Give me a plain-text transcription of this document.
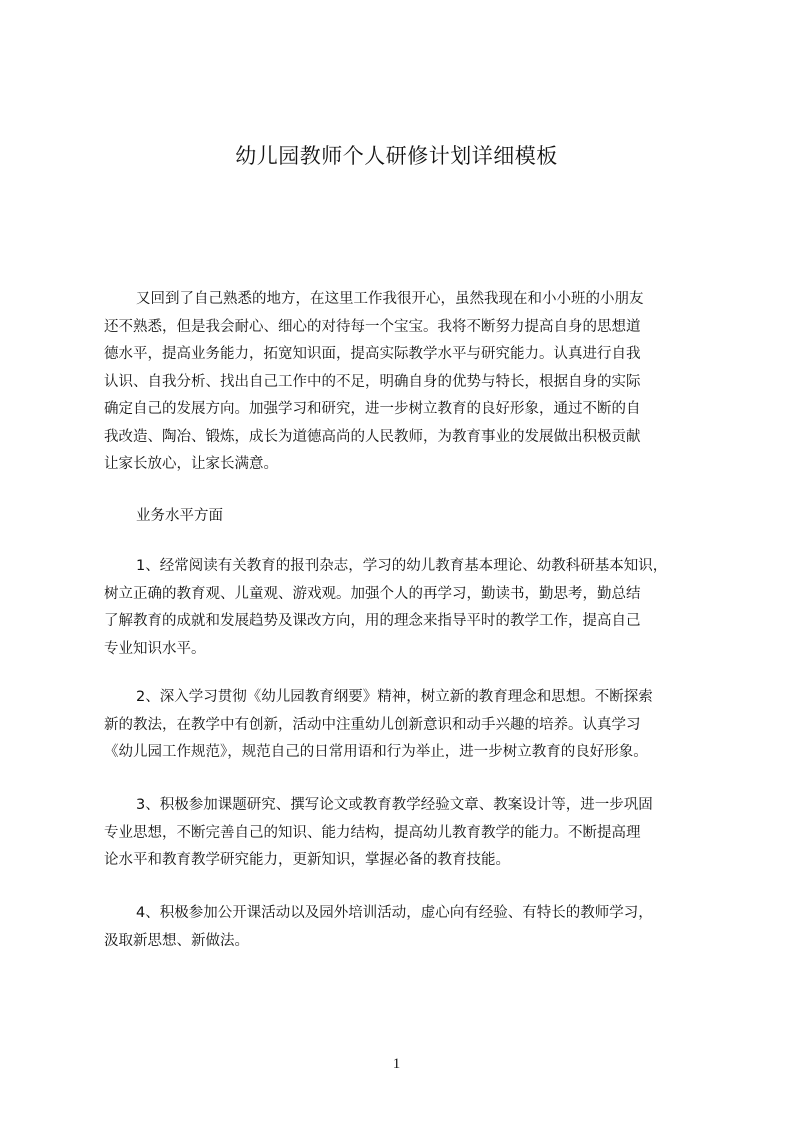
幼儿园教师个人研修计划详细模板
又回到了自己熟悉的地方，在这里工作我很开心，虽然我现在和小小班的小朋友
还不熟悉，但是我会耐心、细心的对待每一个宝宝。我将不断努力提高自身的思想道
德水平，提高业务能力，拓宽知识面，提高实际教学水平与研究能力。认真进行自我
认识、自我分析、找出自己工作中的不足，明确自身的优势与特长，根据自身的实际
确定自己的发展方向。加强学习和研究，进一步树立教育的良好形象，通过不断的自
我改造、陶冶、锻炼，成长为道德高尚的人民教师，为教育事业的发展做出积极贡献
让家长放心，让家长满意。
业务水平方面
1、经常阅读有关教育的报刊杂志，学习的幼儿教育基本理论、幼教科研基本知识，
树立正确的教育观、儿童观、游戏观。加强个人的再学习，勤读书，勤思考，勤总结
了解教育的成就和发展趋势及课改方向，用的理念来指导平时的教学工作，提高自己
专业知识水平。
2、深入学习贯彻《幼儿园教育纲要》精神，树立新的教育理念和思想。不断探索
新的教法，在教学中有创新，活动中注重幼儿创新意识和动手兴趣的培养。认真学习
《幼儿园工作规范》，规范自己的日常用语和行为举止，进一步树立教育的良好形象。
3、积极参加课题研究、撰写论文或教育教学经验文章、教案设计等，进一步巩固
专业思想，不断完善自己的知识、能力结构，提高幼儿教育教学的能力。不断提高理
论水平和教育教学研究能力，更新知识，掌握必备的教育技能。
4、积极参加公开课活动以及园外培训活动，虚心向有经验、有特长的教师学习，
汲取新思想、新做法。
1
